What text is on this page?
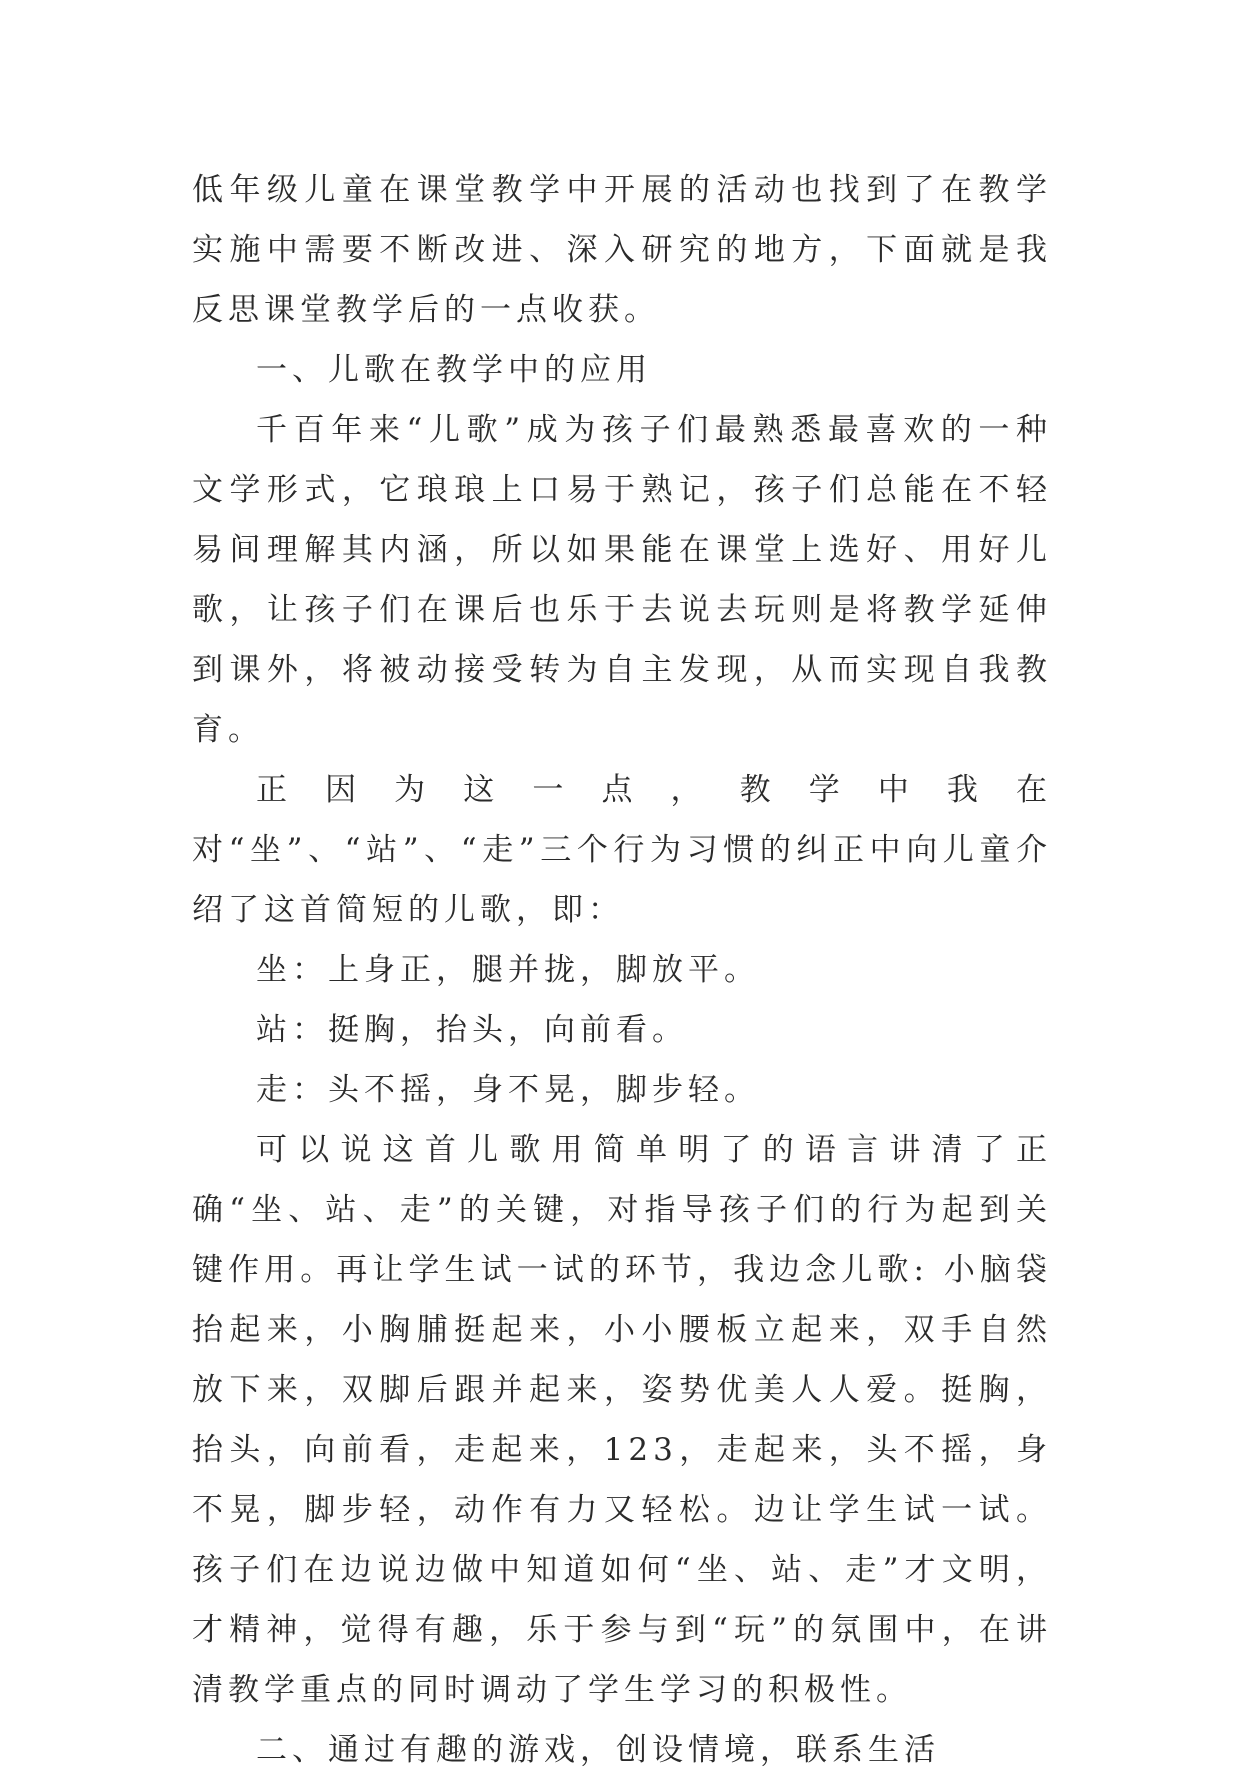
低年级儿童在课堂教学中开展的活动也找到了在教学实施中需要不断改进、深入研究的地方，下面就是我反思课堂教学后的一点收获。

一、儿歌在教学中的应用

千百年来“儿歌”成为孩子们最熟悉最喜欢的一种文学形式，它琅琅上口易于熟记，孩子们总能在不轻易间理解其内涵，所以如果能在课堂上选好、用好儿歌，让孩子们在课后也乐于去说去玩则是将教学延伸到课外，将被动接受转为自主发现，从而实现自我教育。

正因为这一点，教学中我在对“坐”、“站”、“走”三个行为习惯的纠正中向儿童介绍了这首简短的儿歌，即：

坐：上身正，腿并拢，脚放平。

站：挺胸，抬头，向前看。

走：头不摇，身不晃，脚步轻。

可以说这首儿歌用简单明了的语言讲清了正确“坐、站、走”的关键，对指导孩子们的行为起到关键作用。再让学生试一试的环节，我边念儿歌: 小脑袋抬起来，小胸脯挺起来，小小腰板立起来，双手自然放下来，双脚后跟并起来，姿势优美人人爱。挺胸，抬头，向前看，走起来，123，走起来，头不摇，身不晃，脚步轻，动作有力又轻松。边让学生试一试。孩子们在边说边做中知道如何“坐、站、走”才文明，才精神，觉得有趣，乐于参与到“玩”的氛围中，在讲清教学重点的同时调动了学生学习的积极性。

二、通过有趣的游戏，创设情境，联系生活
